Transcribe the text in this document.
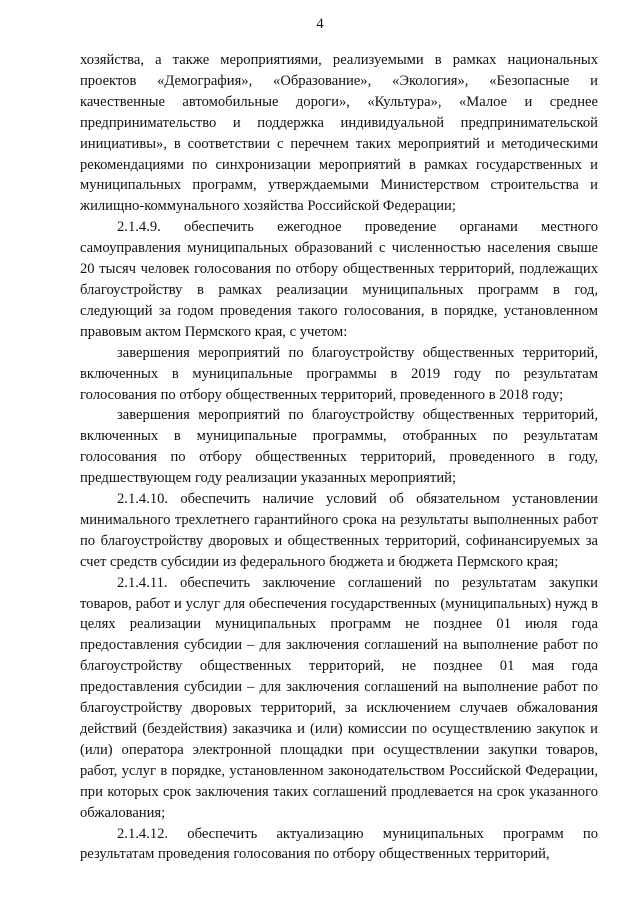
4

хозяйства, а также мероприятиями, реализуемыми в рамках национальных проектов «Демография», «Образование», «Экология», «Безопасные и качественные автомобильные дороги», «Культура», «Малое и среднее предпринимательство и поддержка индивидуальной предпринимательской инициативы», в соответствии с перечнем таких мероприятий и методическими рекомендациями по синхронизации мероприятий в рамках государственных и муниципальных программ, утверждаемыми Министерством строительства и жилищно-коммунального хозяйства Российской Федерации;

2.1.4.9. обеспечить ежегодное проведение органами местного самоуправления муниципальных образований с численностью населения свыше 20 тысяч человек голосования по отбору общественных территорий, подлежащих благоустройству в рамках реализации муниципальных программ в год, следующий за годом проведения такого голосования, в порядке, установленном правовым актом Пермского края, с учетом:

завершения мероприятий по благоустройству общественных территорий, включенных в муниципальные программы в 2019 году по результатам голосования по отбору общественных территорий, проведенного в 2018 году;

завершения мероприятий по благоустройству общественных территорий, включенных в муниципальные программы, отобранных по результатам голосования по отбору общественных территорий, проведенного в году, предшествующем году реализации указанных мероприятий;

2.1.4.10. обеспечить наличие условий об обязательном установлении минимального трехлетнего гарантийного срока на результаты выполненных работ по благоустройству дворовых и общественных территорий, софинансируемых за счет средств субсидии из федерального бюджета и бюджета Пермского края;

2.1.4.11. обеспечить заключение соглашений по результатам закупки товаров, работ и услуг для обеспечения государственных (муниципальных) нужд в целях реализации муниципальных программ не позднее 01 июля года предоставления субсидии – для заключения соглашений на выполнение работ по благоустройству общественных территорий, не позднее 01 мая года предоставления субсидии – для заключения соглашений на выполнение работ по благоустройству дворовых территорий, за исключением случаев обжалования действий (бездействия) заказчика и (или) комиссии по осуществлению закупок и (или) оператора электронной площадки при осуществлении закупки товаров, работ, услуг в порядке, установленном законодательством Российской Федерации, при которых срок заключения таких соглашений продлевается на срок указанного обжалования;

2.1.4.12. обеспечить актуализацию муниципальных программ по результатам проведения голосования по отбору общественных территорий,
